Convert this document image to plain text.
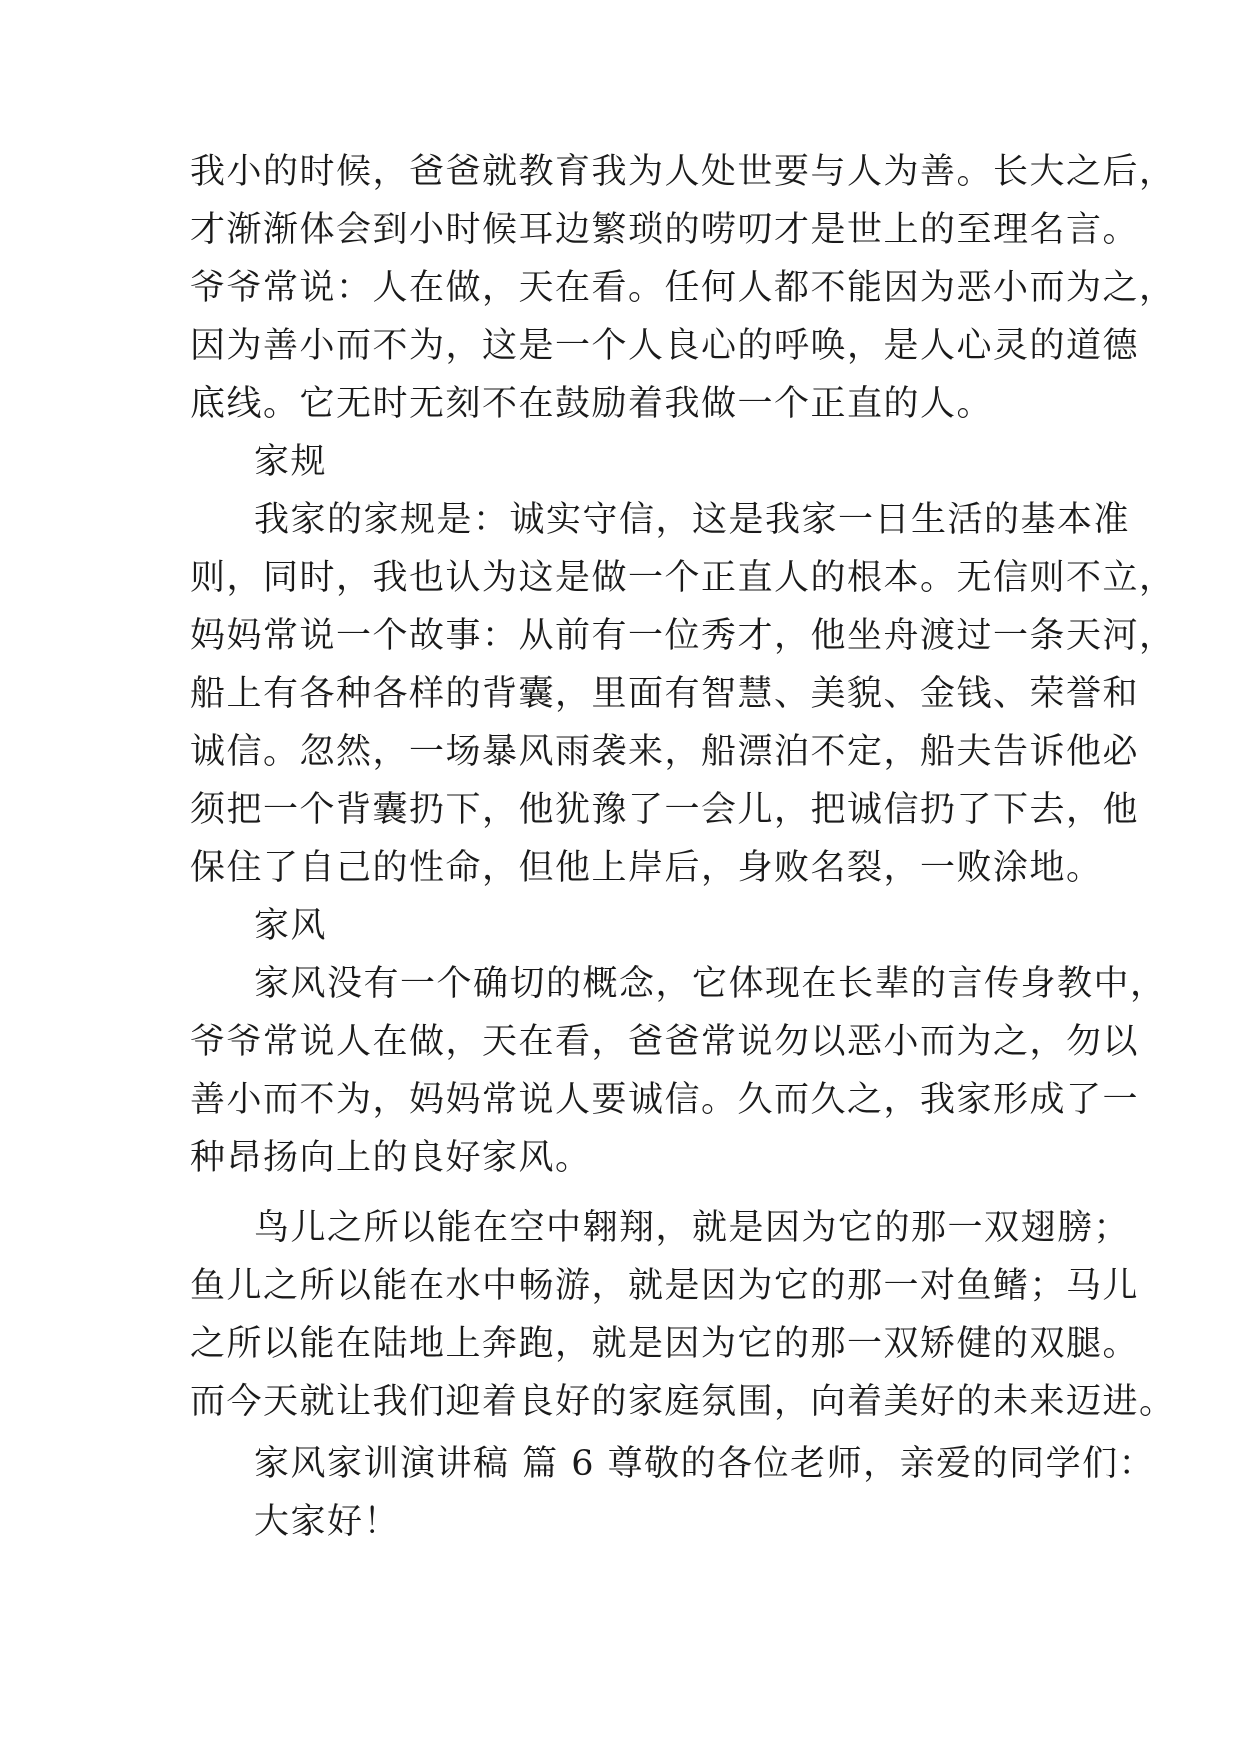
我小的时候，爸爸就教育我为人处世要与人为善。长大之后，

才渐渐体会到小时候耳边繁琐的唠叨才是世上的至理名言。

爷爷常说：人在做，天在看。任何人都不能因为恶小而为之，

因为善小而不为，这是一个人良心的呼唤，是人心灵的道德

底线。它无时无刻不在鼓励着我做一个正直的人。

家规

我家的家规是：诚实守信，这是我家一日生活的基本准

则，同时，我也认为这是做一个正直人的根本。无信则不立，

妈妈常说一个故事：从前有一位秀才，他坐舟渡过一条天河，

船上有各种各样的背囊，里面有智慧、美貌、金钱、荣誉和

诚信。忽然，一场暴风雨袭来，船漂泊不定，船夫告诉他必

须把一个背囊扔下，他犹豫了一会儿，把诚信扔了下去，他

保住了自己的性命，但他上岸后，身败名裂，一败涂地。

家风

家风没有一个确切的概念，它体现在长辈的言传身教中，

爷爷常说人在做，天在看，爸爸常说勿以恶小而为之，勿以

善小而不为，妈妈常说人要诚信。久而久之，我家形成了一

种昂扬向上的良好家风。

鸟儿之所以能在空中翱翔，就是因为它的那一双翅膀；

鱼儿之所以能在水中畅游，就是因为它的那一对鱼鳍；马儿

之所以能在陆地上奔跑，就是因为它的那一双矫健的双腿。

而今天就让我们迎着良好的家庭氛围，向着美好的未来迈进。

家风家训演讲稿 篇 6 尊敬的各位老师，亲爱的同学们：

大家好！
